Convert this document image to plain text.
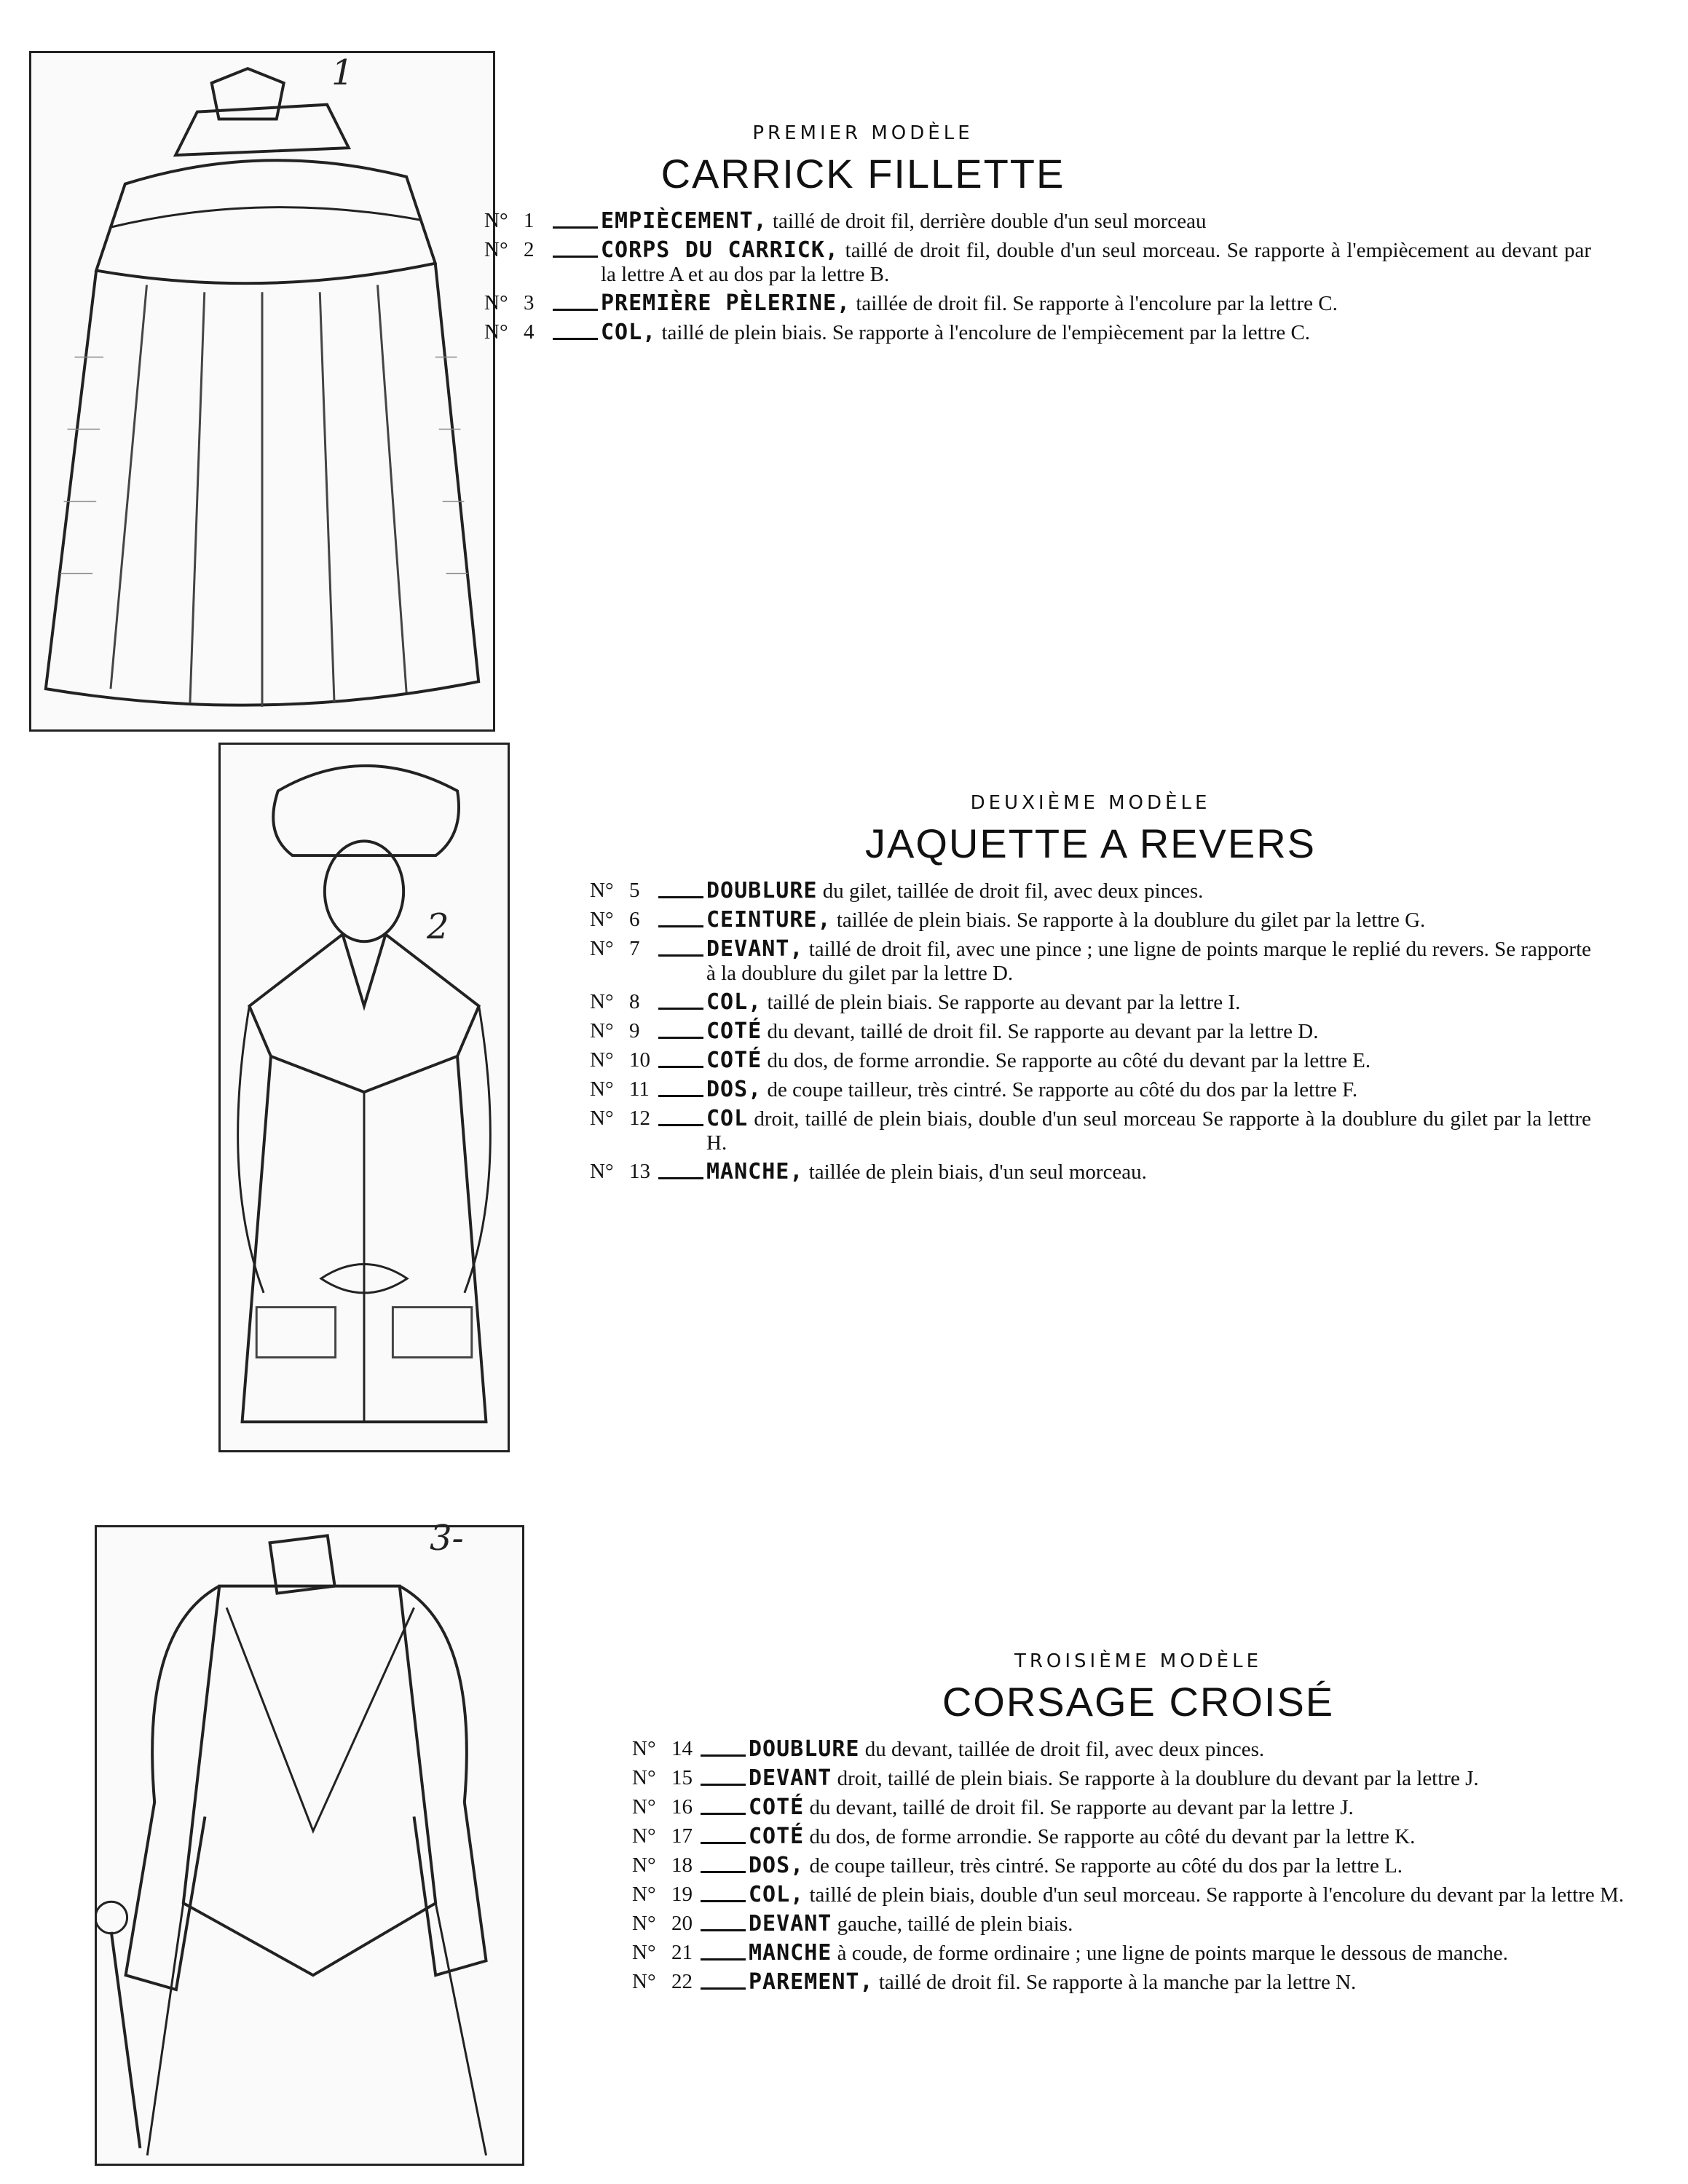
1
2
3-
PREMIER MODÈLE
CARRICK FILLETTE
N° 1	EMPIÈCEMENT, taillé de droit fil, derrière double d'un seul morceau
N° 2	CORPS DU CARRICK, taillé de droit fil, double d'un seul morceau. Se rapporte à l'empiècement au devant par la lettre A et au dos par la lettre B.
N° 3	PREMIÈRE PÈLERINE, taillée de droit fil. Se rapporte à l'encolure par la lettre C.
N° 4	COL, taillé de plein biais. Se rapporte à l'encolure de l'empiècement par la lettre C.
DEUXIÈME MODÈLE
JAQUETTE A REVERS
N° 5	DOUBLURE du gilet, taillée de droit fil, avec deux pinces.
N° 6	CEINTURE, taillée de plein biais. Se rapporte à la doublure du gilet par la lettre G.
N° 7	DEVANT, taillé de droit fil, avec une pince ; une ligne de points marque le replié du revers. Se rapporte à la doublure du gilet par la lettre D.
N° 8	COL, taillé de plein biais. Se rapporte au devant par la lettre I.
N° 9	COTÉ du devant, taillé de droit fil. Se rapporte au devant par la lettre D.
N° 10	COTÉ du dos, de forme arrondie. Se rapporte au côté du devant par la lettre E.
N° 11	DOS, de coupe tailleur, très cintré. Se rapporte au côté du dos par la lettre F.
N° 12	COL droit, taillé de plein biais, double d'un seul morceau Se rapporte à la doublure du gilet par la lettre H.
N° 13	MANCHE, taillée de plein biais, d'un seul morceau.
TROISIÈME MODÈLE
CORSAGE CROISÉ
N° 14	DOUBLURE du devant, taillée de droit fil, avec deux pinces.
N° 15	DEVANT droit, taillé de plein biais. Se rapporte à la doublure du devant par la lettre J.
N° 16	COTÉ du devant, taillé de droit fil. Se rapporte au devant par la lettre J.
N° 17	COTÉ du dos, de forme arrondie. Se rapporte au côté du devant par la lettre K.
N° 18	DOS, de coupe tailleur, très cintré. Se rapporte au côté du dos par la lettre L.
N° 19	COL, taillé de plein biais, double d'un seul morceau. Se rapporte à l'encolure du devant par la lettre M.
N° 20	DEVANT gauche, taillé de plein biais.
N° 21	MANCHE à coude, de forme ordinaire ; une ligne de points marque le dessous de manche.
N° 22	PAREMENT, taillé de droit fil. Se rapporte à la manche par la lettre N.
